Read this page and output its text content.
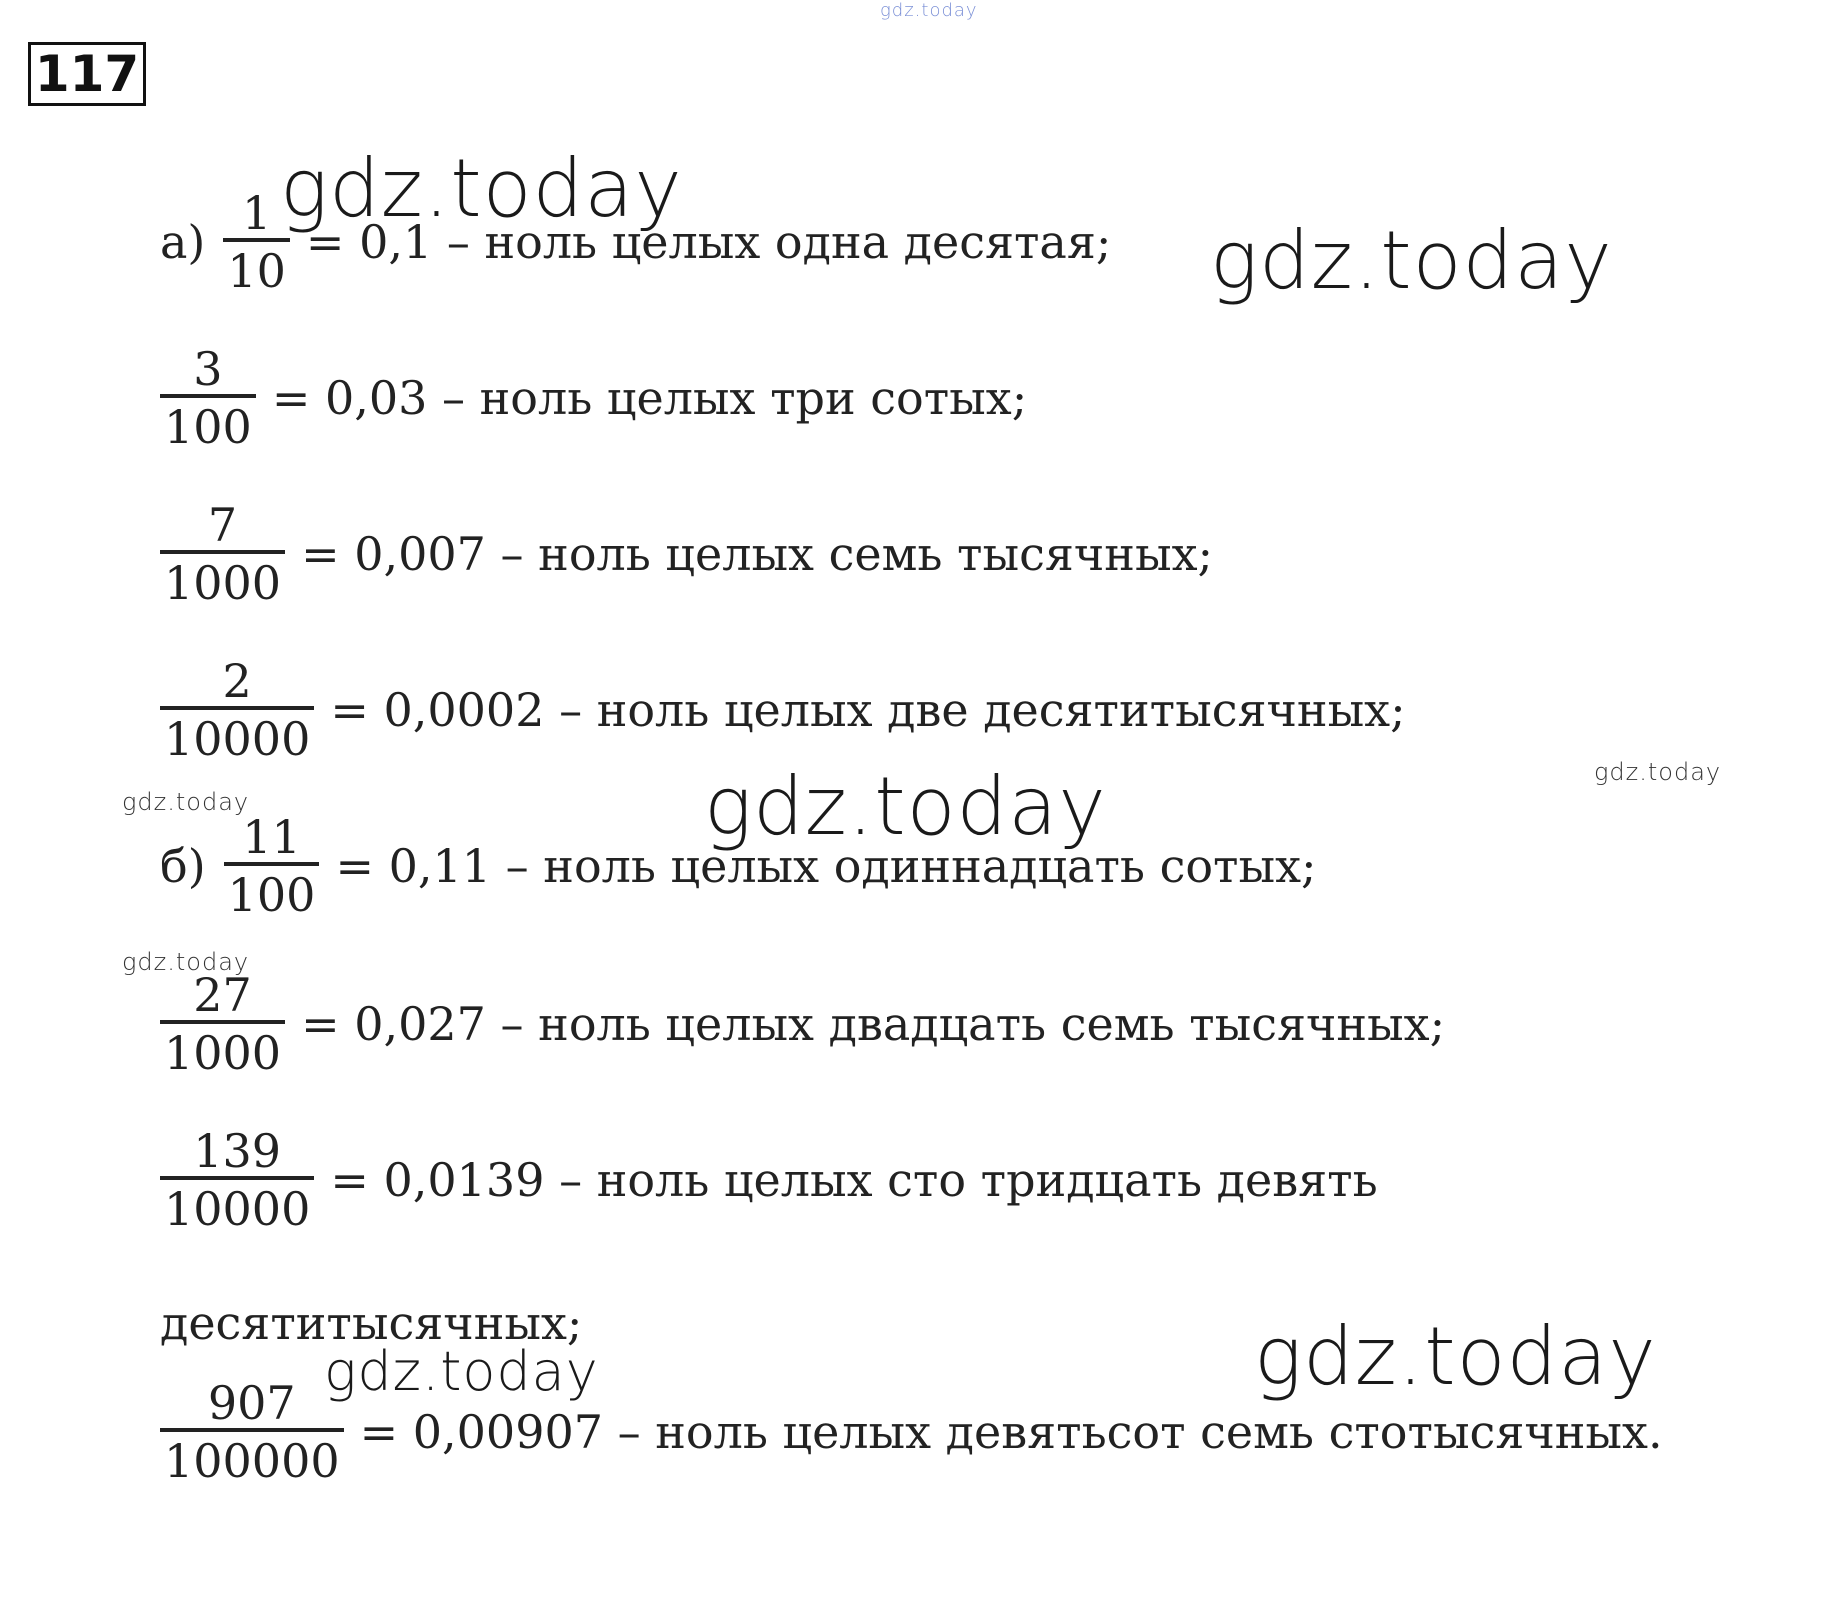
gdz.today
117
$а) \frac{1}{10} = 0,1$ – ноль целых одна десятая;
$\frac{3}{100} = 0,03$ – ноль целых три сотых;
$\frac{7}{1000} = 0,007$ – ноль целых семь тысячных;
$\frac{2}{10000} = 0,0002$ – ноль целых две десятитысячных;
$б) \frac{11}{100} = 0,11$ – ноль целых одиннадцать сотых;
$\frac{27}{1000} = 0,027$ – ноль целых двадцать семь тысячных;
$\frac{139}{10000} = 0,0139$ – ноль целых сто тридцать девять
десятитысячных;
$\frac{907}{100000} = 0,00907$ – ноль целых девятьсот семь стотысячных.
gdz.today
gdz.today
gdz.today
gdz.today	gdz.today
gdz.today
gdz.today	gdz.today
